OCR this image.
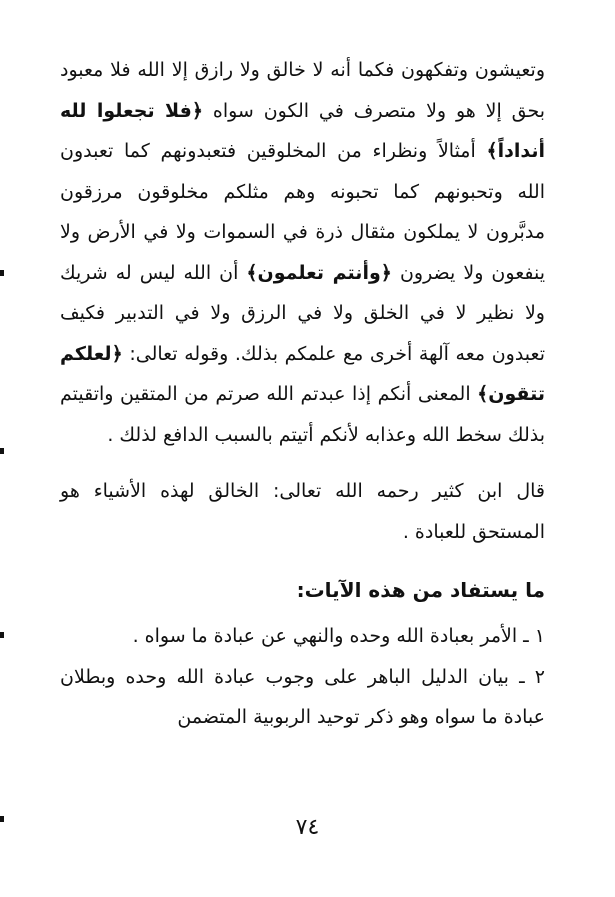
وتعيشون وتفكهون فكما أنه لا خالق ولا رازق إلا الله فلا معبود بحق إلا هو ولا متصرف في الكون سواه ﴿فلا تجعلوا لله أنداداً﴾ أمثالاً ونظراء من المخلوقين فتعبدونهم كما تعبدون الله وتحبونهم كما تحبونه وهم مثلكم مخلوقون مرزقون مدبَّرون لا يملكون مثقال ذرة في السموات ولا في الأرض ولا ينفعون ولا يضرون ﴿وأنتم تعلمون﴾ أن الله ليس له شريك ولا نظير لا في الخلق ولا في الرزق ولا في التدبير فكيف تعبدون معه آلهة أخرى مع علمكم بذلك. وقوله تعالى: ﴿لعلكم تتقون﴾ المعنى أنكم إذا عبدتم الله صرتم من المتقين واتقيتم بذلك سخط الله وعذابه لأنكم أتيتم بالسبب الدافع لذلك .

قال ابن كثير رحمه الله تعالى: الخالق لهذه الأشياء هو المستحق للعبادة .

ما يستفاد من هذه الآيات:

١ ـ الأمر بعبادة الله وحده والنهي عن عبادة ما سواه .

٢ ـ بيان الدليل الباهر على وجوب عبادة الله وحده وبطلان عبادة ما سواه وهو ذكر توحيد الربوبية المتضمن

٧٤
